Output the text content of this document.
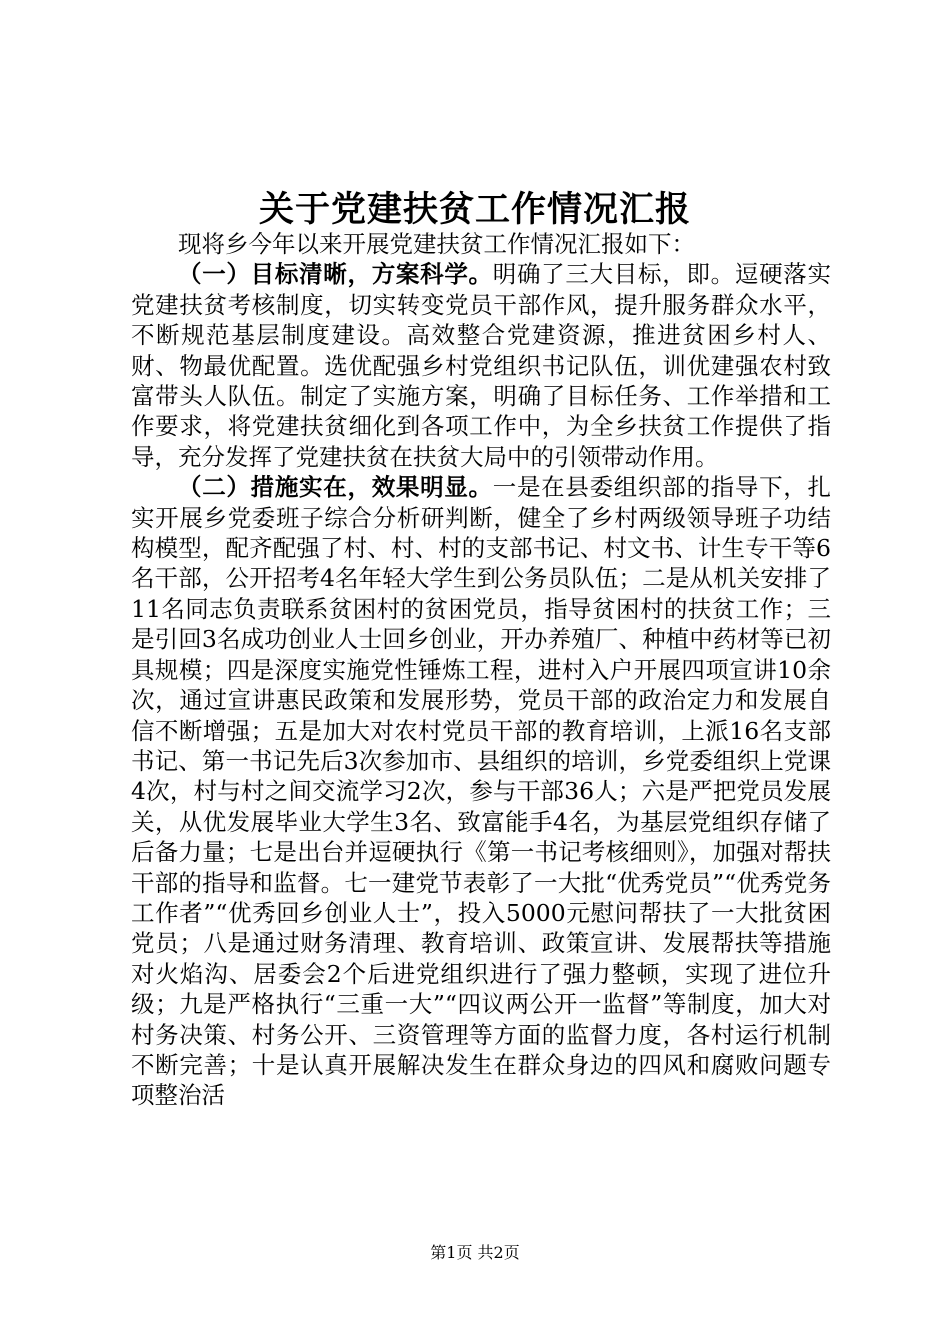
关于党建扶贫工作情况汇报

现将乡今年以来开展党建扶贫工作情况汇报如下：

（一）目标清晰，方案科学。明确了三大目标，即。逗硬落实党建扶贫考核制度，切实转变党员干部作风，提升服务群众水平，不断规范基层制度建设。高效整合党建资源，推进贫困乡村人、财、物最优配置。选优配强乡村党组织书记队伍，训优建强农村致富带头人队伍。制定了实施方案，明确了目标任务、工作举措和工作要求，将党建扶贫细化到各项工作中，为全乡扶贫工作提供了指导，充分发挥了党建扶贫在扶贫大局中的引领带动作用。

（二）措施实在，效果明显。一是在县委组织部的指导下，扎实开展乡党委班子综合分析研判断，健全了乡村两级领导班子功结构模型，配齐配强了村、村、村的支部书记、村文书、计生专干等6名干部，公开招考4名年轻大学生到公务员队伍；二是从机关安排了11名同志负责联系贫困村的贫困党员，指导贫困村的扶贫工作；三是引回3名成功创业人士回乡创业，开办养殖厂、种植中药材等已初具规模；四是深度实施党性锤炼工程，进村入户开展四项宣讲10余次，通过宣讲惠民政策和发展形势，党员干部的政治定力和发展自信不断增强；五是加大对农村党员干部的教育培训，上派16名支部书记、第一书记先后3次参加市、县组织的培训，乡党委组织上党课4次，村与村之间交流学习2次，参与干部36人；六是严把党员发展关，从优发展毕业大学生3名、致富能手4名，为基层党组织存储了后备力量；七是出台并逗硬执行《第一书记考核细则》，加强对帮扶干部的指导和监督。七一建党节表彰了一大批“优秀党员”“优秀党务工作者”“优秀回乡创业人士”，投入5000元慰问帮扶了一大批贫困党员；八是通过财务清理、教育培训、政策宣讲、发展帮扶等措施对火焰沟、居委会2个后进党组织进行了强力整顿，实现了进位升级；九是严格执行“三重一大”“四议两公开一监督”等制度，加大对村务决策、村务公开、三资管理等方面的监督力度，各村运行机制不断完善；十是认真开展解决发生在群众身边的四风和腐败问题专项整治活

第1页 共2页
